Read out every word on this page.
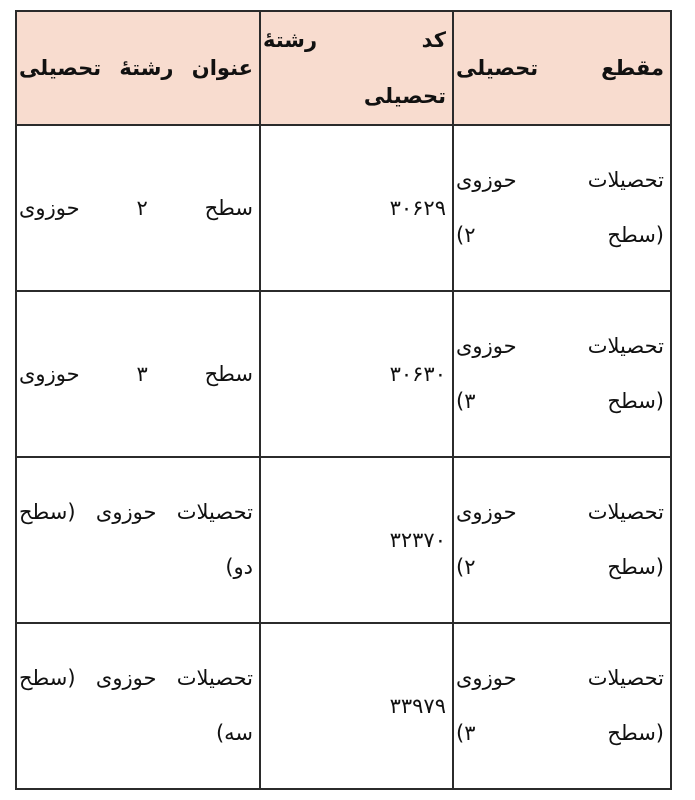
مقطع تحصیلی	کد رشتهٔ تحصیلی	عنوان رشتهٔ تحصیلی
تحصیلات حوزوی (سطح ۲)	۳۰۶۲۹	سطح ۲ حوزوی
تحصیلات حوزوی (سطح ۳)	۳۰۶۳۰	سطح ۳ حوزوی
تحصیلات حوزوی (سطح ۲)	۳۲۳۷۰	تحصیلات حوزوی (سطح دو)
تحصیلات حوزوی (سطح ۳)	۳۳۹۷۹	تحصیلات حوزوی (سطح سه)
